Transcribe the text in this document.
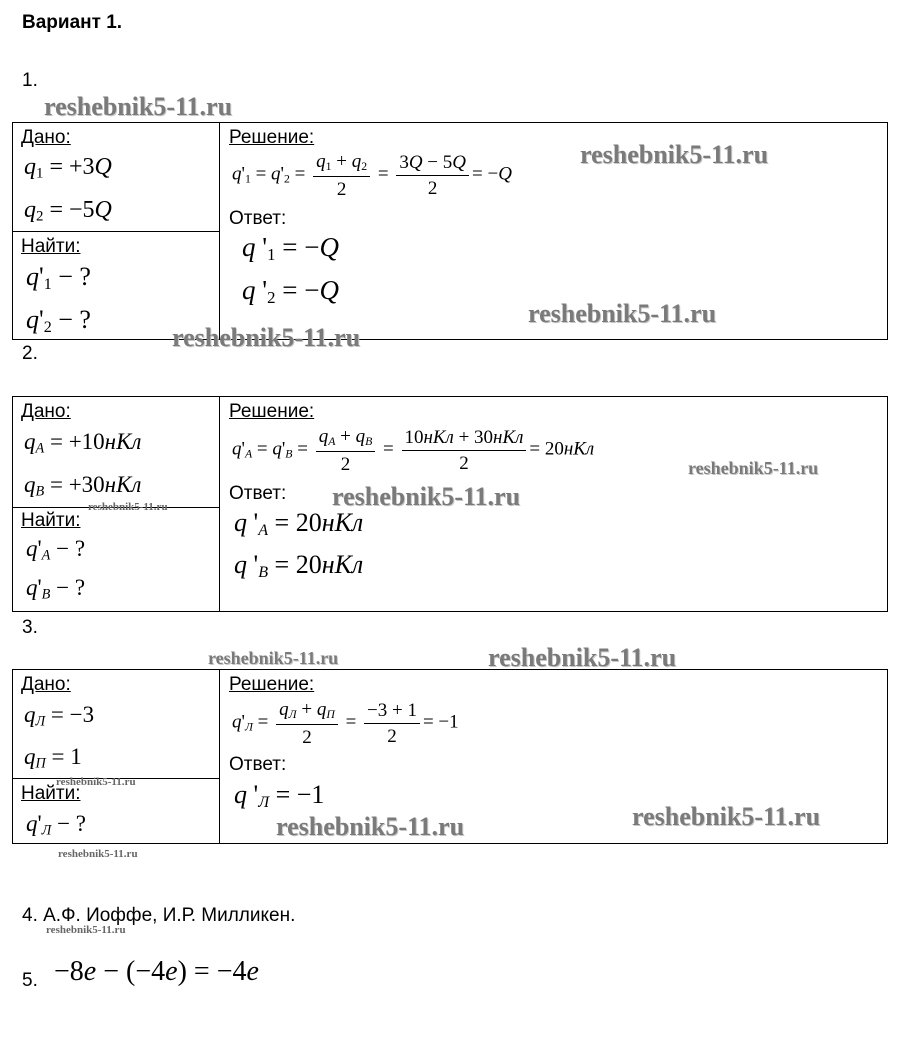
Вариант 1.
1.
reshebnik5-11.ru
Дано:
Найти:
Решение:
Ответ:
$q_1 = +3Q$
$q_2 = -5Q$
$q'_1$ − ?
$q'_2$ − ?
$q'_1 = q'_2 = \frac{q_1 + q_2}{2} = \frac{3Q - 5Q}{2} = -Q$
reshebnik5-11.ru
q '$_1 = -Q$
q '$_2 = -Q$
reshebnik5-11.ru
reshebnik5-11.ru
2.
Дано:
Найти:
Решение:
Ответ:
$q_A = +10нКл$
$q_B = +30нКл$
reshebnik5-11.ru
$q'_A$ − ?
$q'_B$ − ?
$q'_A = q'_B = \frac{q_A + q_B}{2} = \frac{\text{10нКл + 30нКл}}{2} = 20нКл$
reshebnik5-11.ru
reshebnik5-11.ru
q '$_A = 20нКл$
q '$_B = 20нКл$
3.
reshebnik5-11.ru	reshebnik5-11.ru
Дано:
Найти:
Решение:
Ответ:
$q_Л = -3$
$q_П = 1$
reshebnik5-11.ru
$q'_Л$ − ?
$q'_Л = \frac{q_Л + q_П}{2} = \frac{-3 + 1}{2} = -1$
q '$_Л = -1$
reshebnik5-11.ru
reshebnik5-11.ru
reshebnik5-11.ru
4. А.Ф. Иоффе, И.Р. Милликен.
reshebnik5-11.ru
5. −8e − (−4e) = −4e
